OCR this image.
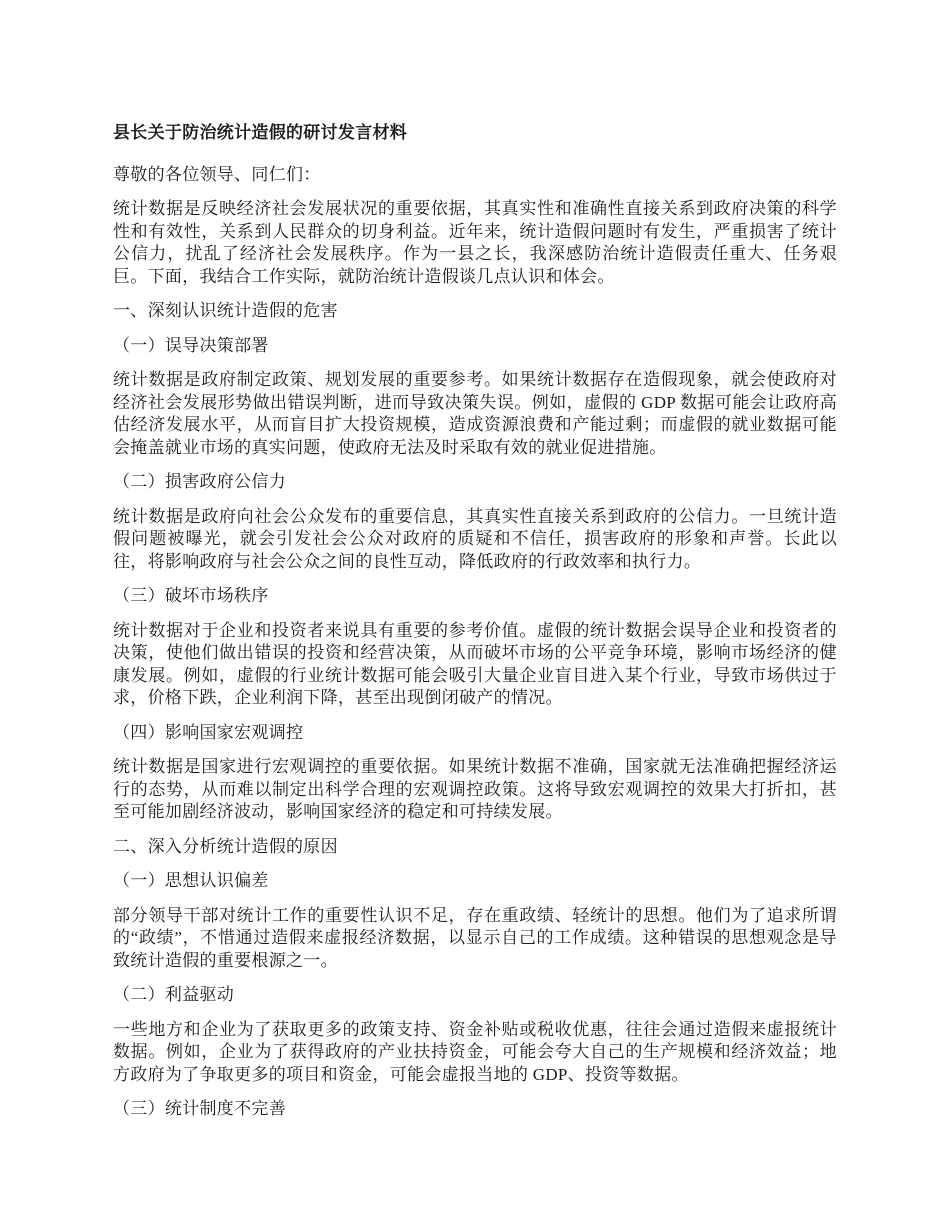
县长关于防治统计造假的研讨发言材料

尊敬的各位领导、同仁们：

统计数据是反映经济社会发展状况的重要依据，其真实性和准确性直接关系到政府决策的科学性和有效性，关系到人民群众的切身利益。近年来，统计造假问题时有发生，严重损害了统计公信力，扰乱了经济社会发展秩序。作为一县之长，我深感防治统计造假责任重大、任务艰巨。下面，我结合工作实际，就防治统计造假谈几点认识和体会。

一、深刻认识统计造假的危害

（一）误导决策部署

统计数据是政府制定政策、规划发展的重要参考。如果统计数据存在造假现象，就会使政府对经济社会发展形势做出错误判断，进而导致决策失误。例如，虚假的 GDP 数据可能会让政府高估经济发展水平，从而盲目扩大投资规模，造成资源浪费和产能过剩；而虚假的就业数据可能会掩盖就业市场的真实问题，使政府无法及时采取有效的就业促进措施。

（二）损害政府公信力

统计数据是政府向社会公众发布的重要信息，其真实性直接关系到政府的公信力。一旦统计造假问题被曝光，就会引发社会公众对政府的质疑和不信任，损害政府的形象和声誉。长此以往，将影响政府与社会公众之间的良性互动，降低政府的行政效率和执行力。

（三）破坏市场秩序

统计数据对于企业和投资者来说具有重要的参考价值。虚假的统计数据会误导企业和投资者的决策，使他们做出错误的投资和经营决策，从而破坏市场的公平竞争环境，影响市场经济的健康发展。例如，虚假的行业统计数据可能会吸引大量企业盲目进入某个行业，导致市场供过于求，价格下跌，企业利润下降，甚至出现倒闭破产的情况。

（四）影响国家宏观调控

统计数据是国家进行宏观调控的重要依据。如果统计数据不准确，国家就无法准确把握经济运行的态势，从而难以制定出科学合理的宏观调控政策。这将导致宏观调控的效果大打折扣，甚至可能加剧经济波动，影响国家经济的稳定和可持续发展。

二、深入分析统计造假的原因

（一）思想认识偏差

部分领导干部对统计工作的重要性认识不足，存在重政绩、轻统计的思想。他们为了追求所谓的“政绩”，不惜通过造假来虚报经济数据，以显示自己的工作成绩。这种错误的思想观念是导致统计造假的重要根源之一。

（二）利益驱动

一些地方和企业为了获取更多的政策支持、资金补贴或税收优惠，往往会通过造假来虚报统计数据。例如，企业为了获得政府的产业扶持资金，可能会夸大自己的生产规模和经济效益；地方政府为了争取更多的项目和资金，可能会虚报当地的 GDP、投资等数据。

（三）统计制度不完善
